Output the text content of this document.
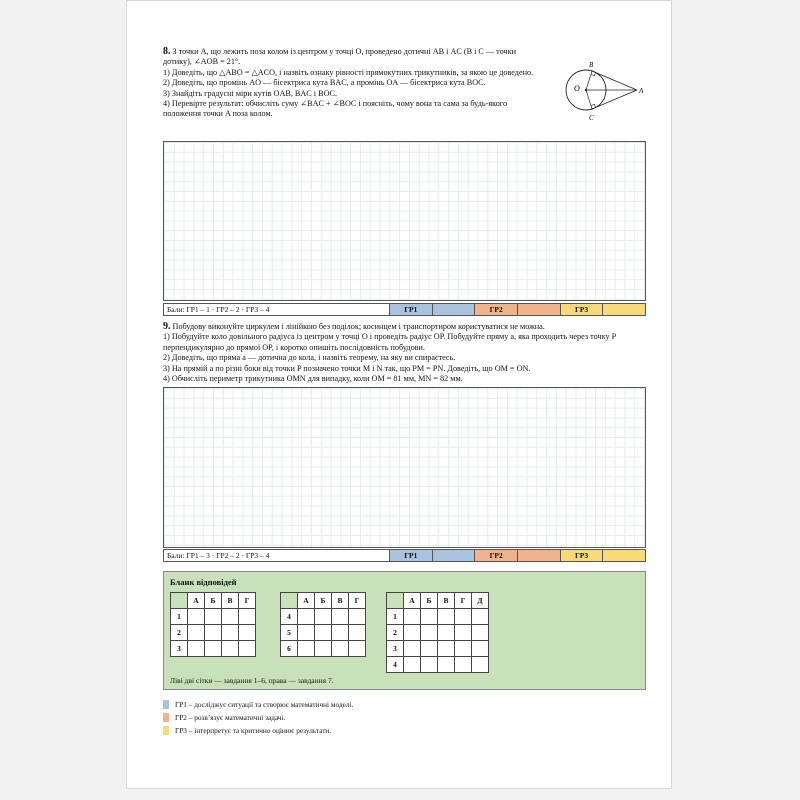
8. З точки A, що лежить поза колом із центром у точці O, проведено дотичні AB і AC (B і C — точки дотику), ∠AOB = 21°.

1) Доведіть, що △ABO = △ACO, і назвіть ознаку рівності прямокутних трикутників, за якою це доведено.

2) Доведіть, що промінь AO — бісектриса кута BAC, а промінь OA — бісектриса кута BOC.

3) Знайдіть градусні міри кутів OAB, BAC і BOC.

4) Перевірте результат: обчисліть суму ∠BAC + ∠BOC і поясніть, чому вона та сама за будь-якого положення точки A поза колом.

O	A
B
C
Бали: ГР1 – 1 · ГР2 – 2 · ГР3 – 4	ГР1	ГР2	ГР3

9. Побудову виконуйте циркулем і лінійкою без поділок; косинцем і транспортиром користуватися не можна.

1) Побудуйте коло довільного радіуса із центром у точці O і проведіть радіус OP. Побудуйте пряму a, яка проходить через точку P перпендикулярно до прямої OP, і коротко опишіть послідовність побудови.

2) Доведіть, що пряма a — дотична до кола, і назвіть теорему, на яку ви спираєтесь.

3) На прямій a по різні боки від точки P позначено точки M і N так, що PM = PN. Доведіть, що OM = ON.

4) Обчисліть периметр трикутника OMN для випадку, коли OM = 81 мм, MN = 82 мм.

Бали: ГР1 – 3 · ГР2 – 2 · ГР3 – 4	ГР1	ГР2	ГР3
Бланк відповідей
	А	Б	В	Г
1				
2				
3				
	А	Б	В	Г
4				
5				
6				
	А	Б	В	Г	Д
1					
2					
3					
4					
Ліві дві сітки — завдання 1–6, права — завдання 7.
ГР1 – досліджує ситуації та створює математичні моделі.
ГР2 – розв’язує математичні задачі.
ГР3 – інтерпретує та критично оцінює результати.
